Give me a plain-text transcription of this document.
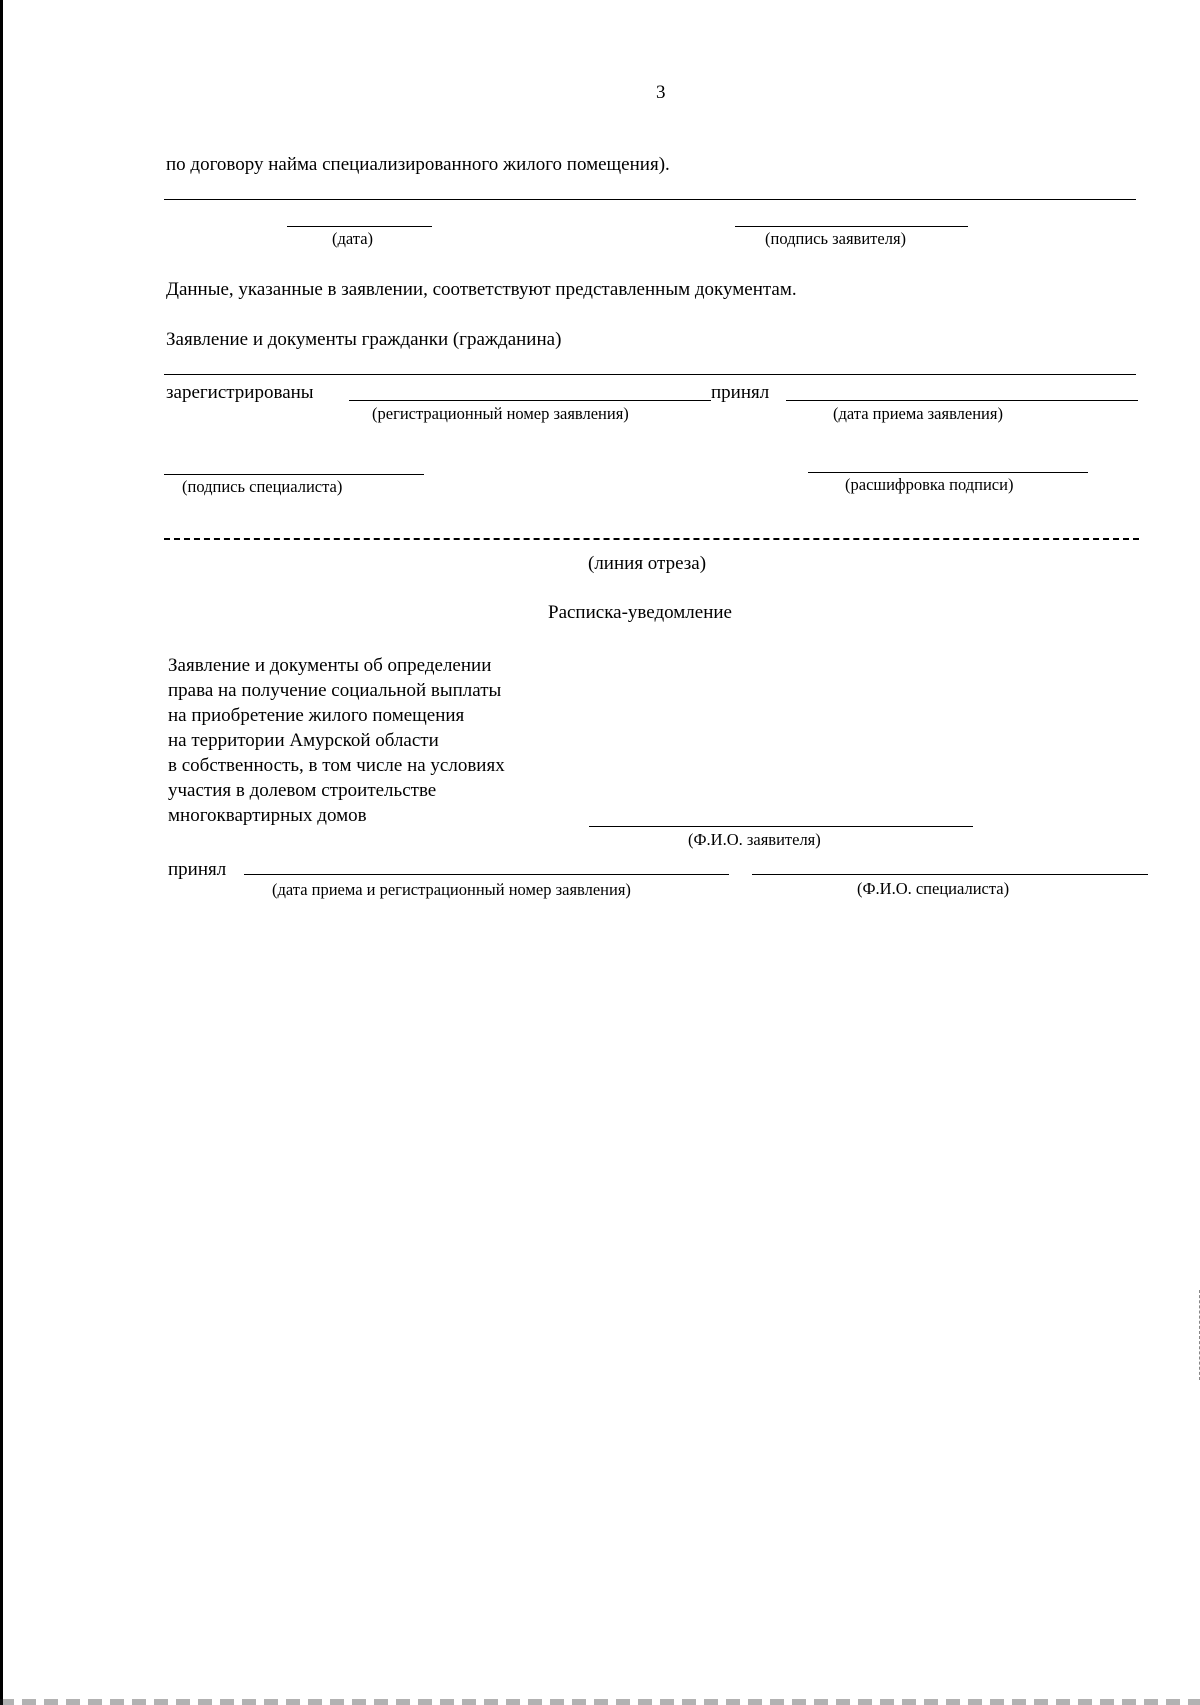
3
по договору найма специализированного жилого помещения).
(дата)	(подпись заявителя)
Данные, указанные в заявлении, соответствуют представленным документам.
Заявление и документы гражданки (гражданина)
зарегистрированы	принял
(регистрационный номер заявления)	(дата приема заявления)
(подпись специалиста)	(расшифровка подписи)
(линия отреза)
Расписка-уведомление
Заявление и документы об определении
права на получение социальной выплаты
на приобретение жилого помещения
на территории Амурской области
в собственность, в том числе на условиях
участия в долевом строительстве
многоквартирных домов
(Ф.И.О. заявителя)
принял
(дата приема и регистрационный номер заявления)	(Ф.И.О. специалиста)
